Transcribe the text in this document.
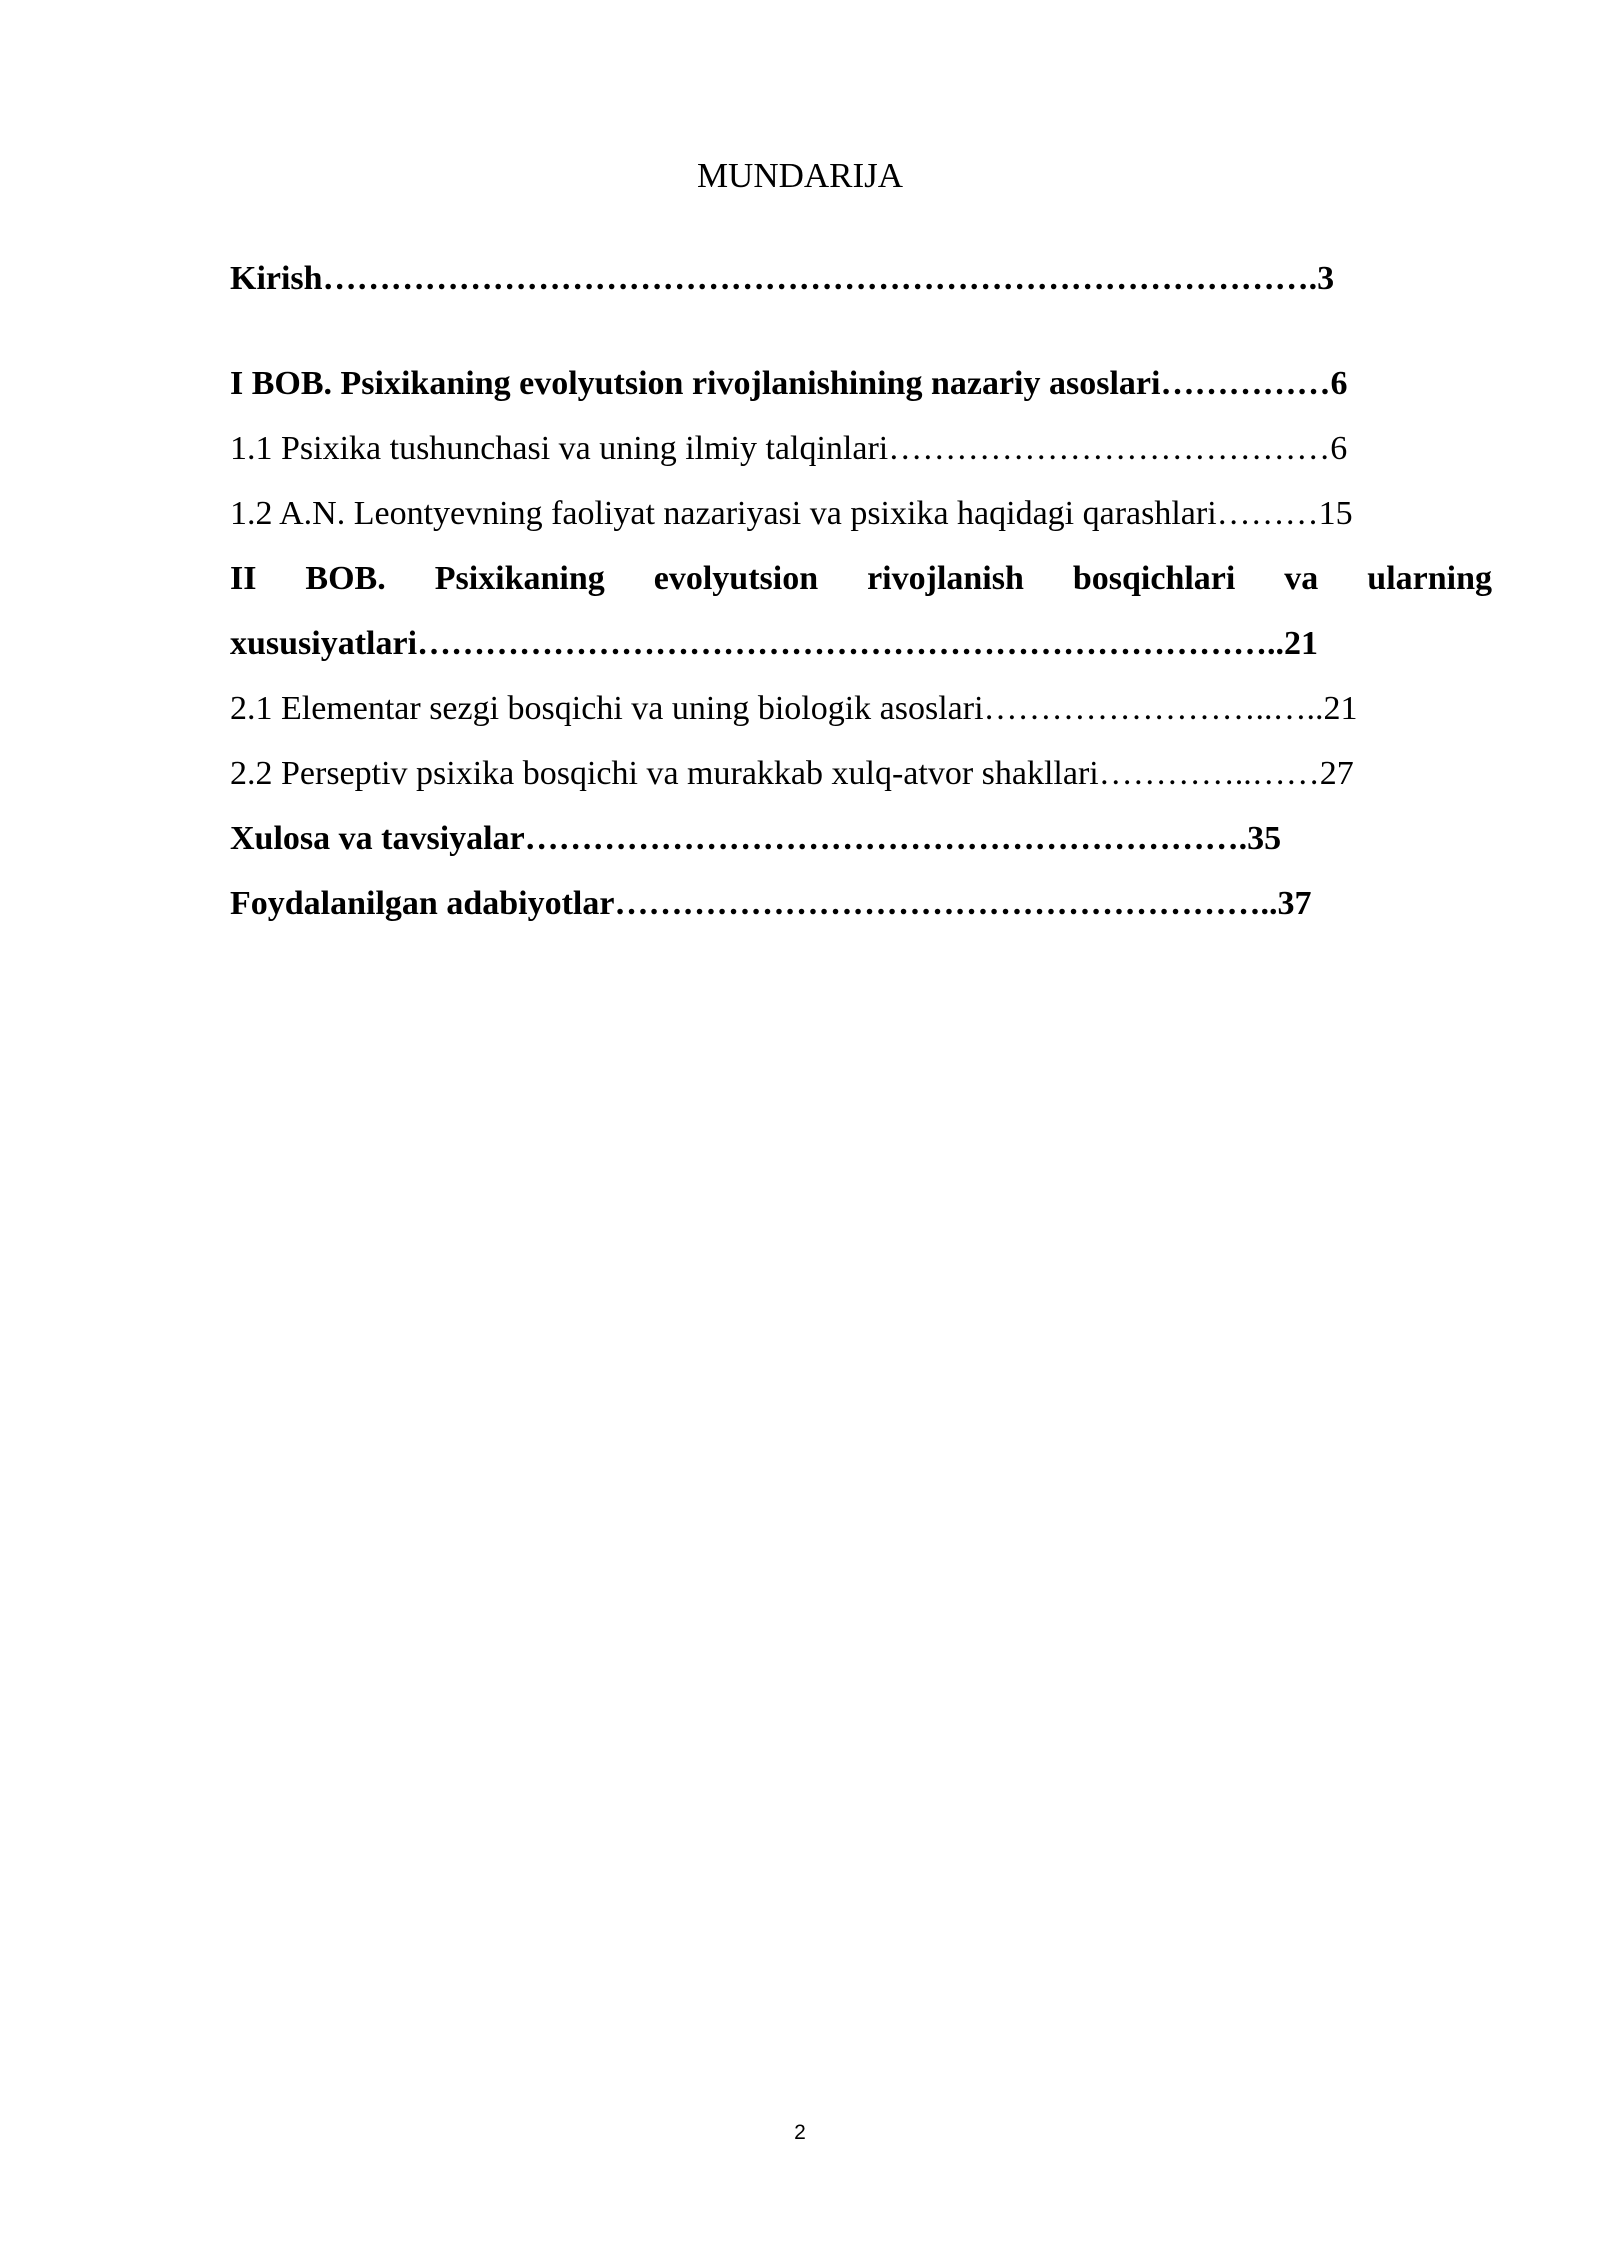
MUNDARIJA
Kirish…………………………………………………………………………….3
I BOB. Psixikaning evolyutsion rivojlanishining nazariy asoslari……………6
1.1 Psixika tushunchasi va uning ilmiy talqinlari…………………………………6
1.2 A.N. Leontyevning faoliyat nazariyasi va psixika haqidagi qarashlari………15
II BOB. Psixikaning evolyutsion rivojlanish bosqichlari va ularning
xususiyatlari…………………………………………………………………..21
2.1 Elementar sezgi bosqichi va uning biologik asoslari……………………..…..21
2.2 Perseptiv psixika bosqichi va murakkab xulq-atvor shakllari…………..……27
Xulosa va tavsiyalar……………………………………………………….35
Foydalanilgan adabiyotlar…………………………………………………..37
2
